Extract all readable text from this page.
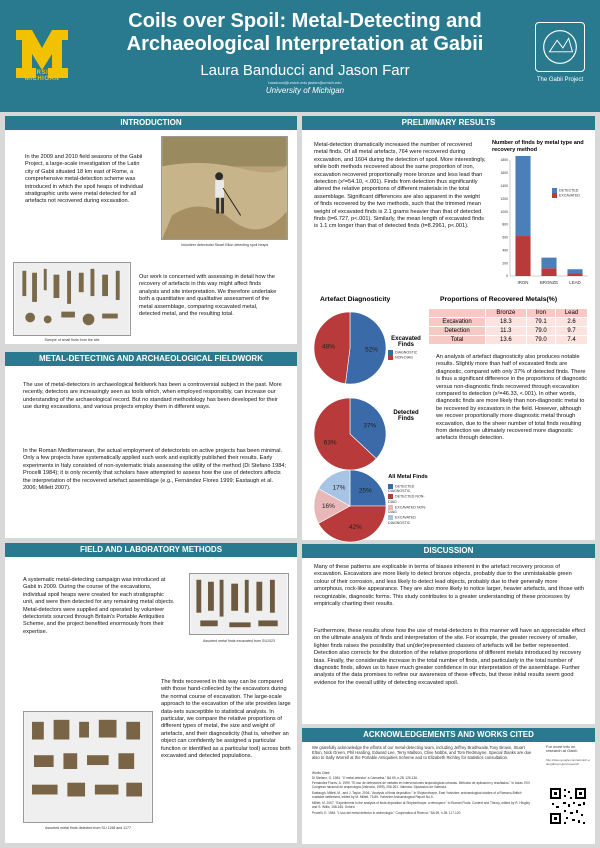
UNIVERSITY OF MICHIGAN
Coils over Spoil: Metal-Detecting and Archaeological Interpretation at Gabii
Laura Banducci and Jason Farr
banducci@umich.edu jasfarr@umich.edu
University of Michigan
The Gabii Project
INTRODUCTION
In the 2009 and 2010 field seasons of the Gabii Project, a large-scale investigation of the Latin city of Gabii situated 18 km east of Rome, a comprehensive metal-detection scheme was introduced in which the spoil heaps of individual stratigraphic units were metal detected for all artefacts not recovered during excavation.
Volunteer detectorist Stuart Elton detecting spoil heaps
Sample of small finds from the site
Our work is concerned with assessing in detail how the recovery of artefacts in this way might affect finds analysis and site interpretation. We therefore undertake both a quantitative and qualitative assessment of the metal assemblage, comparing excavated metal, detected metal, and the resulting total.
METAL-DETECTING AND ARCHAEOLOGICAL FIELDWORK
The use of metal-detectors in archaeological fieldwork has been a controversial subject in the past. More recently, detectors are increasingly seen as tools which, when employed responsibly, can increase our understanding of the archaeological record. But no standard methodology has been developed for their use during excavations, and various projects employ them in different ways.
In the Roman Mediterranean, the actual employment of detectorists on active projects has been minimal. Only a few projects have systematically applied such work and explicitly published their results. Early experiments in Italy consisted of non-systematic trials assessing the utility of the method (Di Stefano 1984; Procelli 1984); it is only recently that scholars have attempted to assess how the use of detectors affects the interpretation of the recovered artefact assemblage (e.g., Fernández Flores 1999; Eastaugh et al. 2006; Millett 2007).
FIELD AND LABORATORY METHODS
A systematic metal-detecting campaign was introduced at Gabii in 2009. During the course of the excavations, individual spoil heaps were created for each stratigraphic unit, and were then detected for any remaining metal objects. Metal-detectors were supplied and operated by volunteer detectorists sourced through Britain's Portable Antiquities Scheme, and the project benefited enormously from their expertise.
Assorted metal finds excavated from SU1023
Assorted metal finds detected from SU 1158 and 1177
The finds recovered in this way can be compared with those hand-collected by the excavators during the normal course of excavation. The large-scale approach to the excavation of the site provides large data-sets susceptible to statistical analysis. In particular, we compare the relative proportions of different types of metal, the size and weight of artefacts, and their diagnosticity (that is, whether an object can confidently be assigned a particular function or identified as a particular tool) across both excavated and detected populations.
PRELIMINARY RESULTS
Metal-detection dramatically increased the number of recovered metal finds. Of all metal artefacts, 764 were recovered during excavation, and 1604 during the detection of spoil. More interestingly, while both methods recovered about the same proportion of iron, excavation recovered proportionally more bronze and less lead than detection (x²=54.10, <.001). Finds from detection thus significantly altered the relative proportions of different materials in the total assemblage. Significant differences are also apparent in the weight of finds recovered by the two methods, such that the trimmed mean weight of excavated finds is 2.1 grams heavier than that of detected finds (t=6.727, p<.001). Similarly, the mean length of excavated finds is 1.1 cm longer than that of detected finds (t=8.2961, p<.001).
Number of finds by metal type and recovery method
0
200
400
600
800
1000
1200
1400
1600
1800
IRON	BRONZE	LEAD
DETECTED
EXCAVATED
Artefact Diagnosticity
52%
48%
Excavated Finds
37%
63%
Detected Finds
DIAGNOSTIC
NON-DIAG
25%
42%
16%
17%
All Metal Finds
DETECTED DIAGNOSTIC
DETECTED NON-DIAG
EXCAVATED NON-DIAG
EXCAVATED DIAGNOSTIC
Proportions of Recovered Metals(%)
	Bronze	Iron	Lead
Excavation	18.3	79.1	2.6
Detection	11.3	79.0	9.7
Total	13.6	79.0	7.4
An analysis of artefact diagnosticity also produces notable results. Slightly more than half of excavated finds are diagnostic, compared with only 37% of detected finds. There is thus a significant difference in the proportions of diagnostic versus non-diagnostic finds recovered through excavation compared to detection (x²=46.33, <.001). In other words, diagnostic finds are more likely than non-diagnostic metal to be recovered by excavators in the field. However, although we recover proportionally more diagnostic metal through excavation, due to the sheer number of total finds resulting from detection we ultimately recovered more diagnostic artefacts through detection.
DISCUSSION
Many of these patterns are explicable in terms of biases inherent in the artefact recovery process of excavation. Excavators are more likely to detect bronze objects, probably due to the unmistakable green colour of their corrosion, and less likely to detect lead objects, probably due to their generally more amorphous, rock-like appearance. They are also more likely to notice larger, heavier artefacts, and those with recognizable, diagnostic forms. This study contributes to a greater understanding of these processes by empirically charting their results.
Furthermore, these results show how the use of metal-detectors in this manner will have an appreciable effect on the ultimate analysis of finds and interpretation of the site. For example, the greater recovery of smaller, lighter finds raises the possibility that un(der)represented classes of artefacts will be better represented. Detection also corrects for the distortion of the relative proportions of different metals introduced by recovery bias. Finally, the considerable increase in the total number of finds, and particularly in the total number of diagnostic finds, allows us to have much greater confidence in our interpretation of the assemblage. Further analysis of the data promises to refine our awareness of these effects, but these initial results seem good evidence for the overall utility of detecting excavated spoil.
ACKNOWLEDGEMENTS AND WORKS CITED
We gratefully acknowledge the efforts of our metal-detecting team, including Jeffrey Braithwaite,Tony Brown, Stuart Elton, Nick Green, Phil Harding, Edward Lee, Terry Mallson, Clive Nobbs, and Tom Redmayne. Special thanks are due also to Sally Worrell at the Portable Antiquities Scheme and to Elizabeth Richley for statistics consultation.
Works Cited:
Di Stefano, G. 1984. "Il 'metal detector' a Camarina." BA 69, n.28: 125-136.
Fernández Flores, A. 1999. "El uso de detectores de metales en intervenciones arqueológicas urbanas. Métodos de aplicación y resultados." In Actas XXV Congreso nacional de arqueología (Valencia, 1999), 256-261. Valencia: Diputación de Valencia.
Eastaugh, Millett, M., and J. Taylor. 2006. "Analysis of finds deposition." In Shiptonthorpe, East Yorkshire: archaeological studies of a Romano-British roadside settlement, edited by M. Millett, 75-89. Yorkshire Archaeological Report No.5.
Millett, M. 2007. "Experiments in the analysis of finds deposition at Shiptonthorpe: a retrospect." In Roman Finds: Context and Theory, edited by R. Hingley and S. Willis, 158-165. Oxford.
Procelli, E. 1984. "L'uso del metal detector in archeologia." Cooperativa di Ricerca." BA 69, n.28: 117-120.
For more info on research at Gabii:
http://sites.google.com/a/umich.edu/gabii-project/research
